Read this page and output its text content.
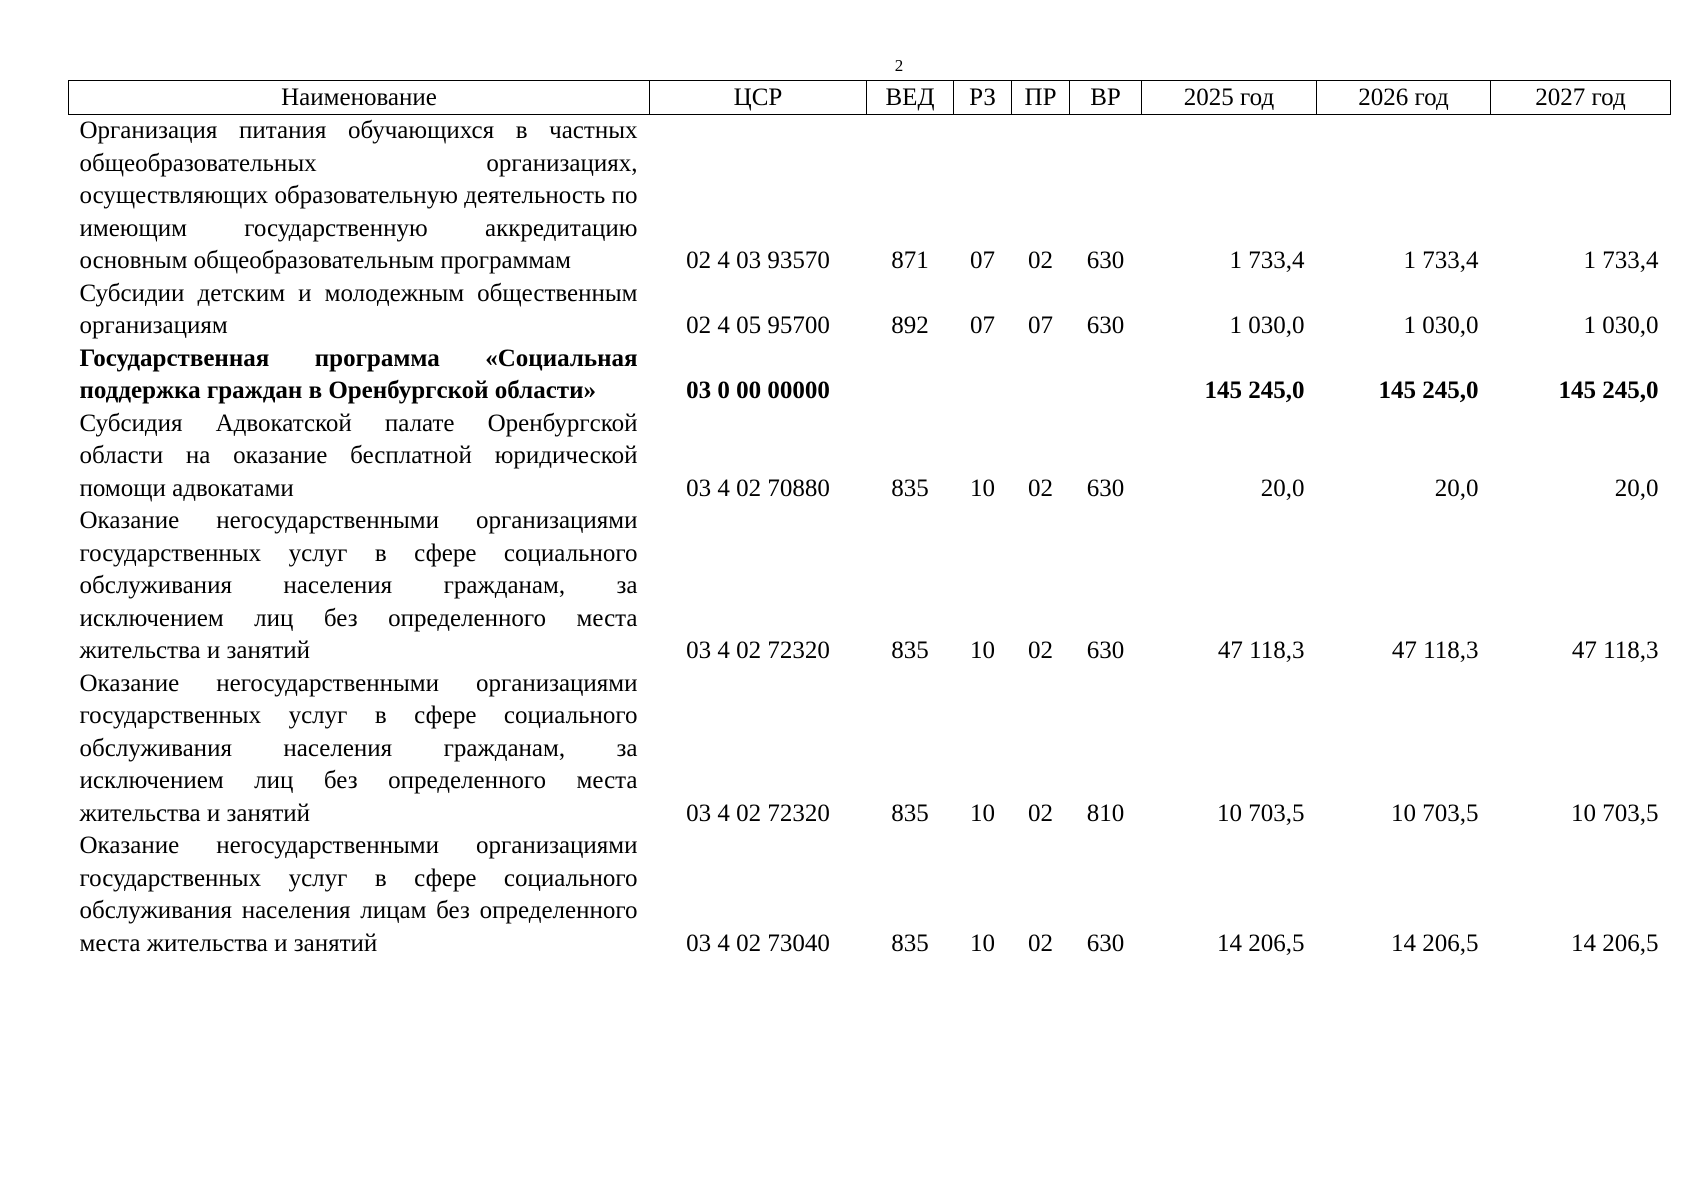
2
Наименование	ЦСР	ВЕД	РЗ	ПР	ВР	2025 год	2026 год	2027 год
Организация питания обучающихся в частных общеобразовательных организациях, осуществляющих образовательную деятельность по имеющим государственную аккредитацию основным общеобразовательным программам	02 4 03 93570	871	07	02	630	1 733,4	1 733,4	1 733,4
Субсидии детским и молодежным общественным организациям	02 4 05 95700	892	07	07	630	1 030,0	1 030,0	1 030,0
Государственная программа «Социальная поддержка граждан в Оренбургской области»	03 0 00 00000					145 245,0	145 245,0	145 245,0
Субсидия Адвокатской палате Оренбургской области на оказание бесплатной юридической помощи адвокатами	03 4 02 70880	835	10	02	630	20,0	20,0	20,0
Оказание негосударственными организациями государственных услуг в сфере социального обслуживания населения гражданам, за исключением лиц без определенного места жительства и занятий	03 4 02 72320	835	10	02	630	47 118,3	47 118,3	47 118,3
Оказание негосударственными организациями государственных услуг в сфере социального обслуживания населения гражданам, за исключением лиц без определенного места жительства и занятий	03 4 02 72320	835	10	02	810	10 703,5	10 703,5	10 703,5
Оказание негосударственными организациями государственных услуг в сфере социального обслуживания населения лицам без определенного места жительства и занятий	03 4 02 73040	835	10	02	630	14 206,5	14 206,5	14 206,5
